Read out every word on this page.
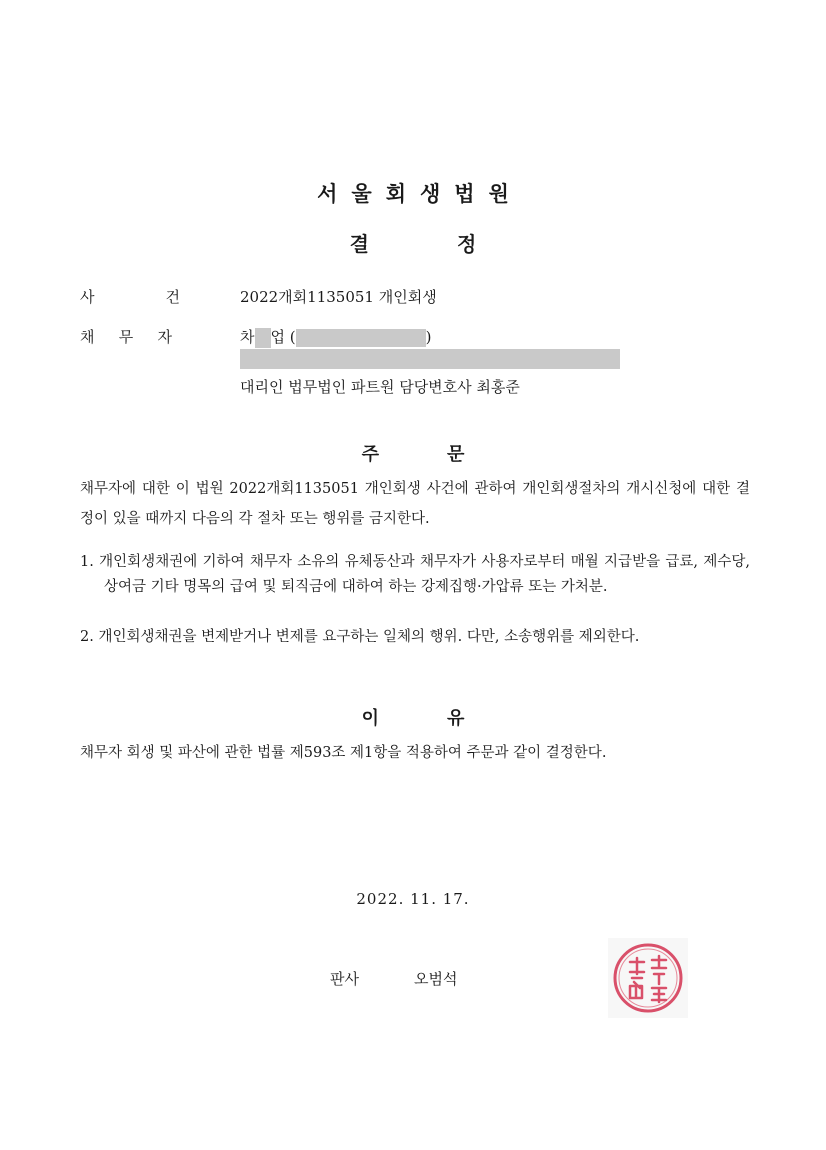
서울회생법원
결정
사	건	2022개회1135051 개인회생
채 무 자	차 업 (	)
대리인 법무법인 파트원 담당변호사 최홍준
주문
채무자에 대한 이 법원 2022개회1135051 개인회생 사건에 관하여 개인회생절차의 개시신청에 대한 결정이 있을 때까지 다음의 각 절차 또는 행위를 금지한다.
1. 개인회생채권에 기하여 채무자 소유의 유체동산과 채무자가 사용자로부터 매월 지급받을 급료, 제수당, 상여금 기타 명목의 급여 및 퇴직금에 대하여 하는 강제집행·가압류 또는 가처분.
2. 개인회생채권을 변제받거나 변제를 요구하는 일체의 행위. 다만, 소송행위를 제외한다.
이유
채무자 회생 및 파산에 관한 법률 제593조 제1항을 적용하여 주문과 같이 결정한다.
2022. 11. 17.
판사	오범석
